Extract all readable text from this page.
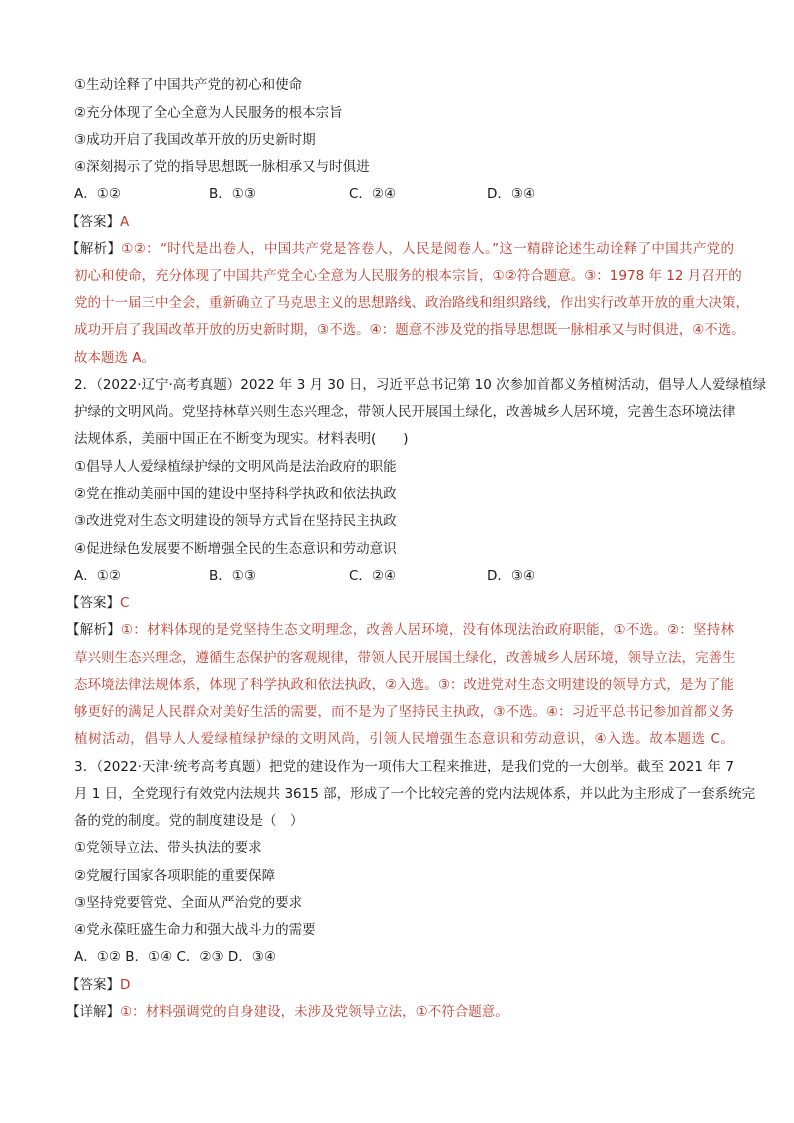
①生动诠释了中国共产党的初心和使命
②充分体现了全心全意为人民服务的根本宗旨
③成功开启了我国改革开放的历史新时期
④深刻揭示了党的指导思想既一脉相承又与时俱进
A．①②	B．①③	C．②④	D．③④
【答案】A
【解析】①②：“时代是出卷人，中国共产党是答卷人，人民是阅卷人。”这一精辟论述生动诠释了中国共产党的
初心和使命，充分体现了中国共产党全心全意为人民服务的根本宗旨，①②符合题意。③：1978 年 12 月召开的
党的十一届三中全会，重新确立了马克思主义的思想路线、政治路线和组织路线，作出实行改革开放的重大决策，
成功开启了我国改革开放的历史新时期，③不选。④：题意不涉及党的指导思想既一脉相承又与时俱进，④不选。
故本题选 A。
2．（2022·辽宁·高考真题）2022 年 3 月 30 日，习近平总书记第 10 次参加首都义务植树活动，倡导人人爱绿植绿
护绿的文明风尚。党坚持林草兴则生态兴理念，带领人民开展国土绿化，改善城乡人居环境，完善生态环境法律
法规体系，美丽中国正在不断变为现实。材料表明(　　)
①倡导人人爱绿植绿护绿的文明风尚是法治政府的职能
②党在推动美丽中国的建设中坚持科学执政和依法执政
③改进党对生态文明建设的领导方式旨在坚持民主执政
④促进绿色发展要不断增强全民的生态意识和劳动意识
A．①②	B．①③	C．②④	D．③④
【答案】C
【解析】①：材料体现的是党坚持生态文明理念，改善人居环境，没有体现法治政府职能，①不选。②：坚持林
草兴则生态兴理念，遵循生态保护的客观规律，带领人民开展国土绿化，改善城乡人居环境，领导立法，完善生
态环境法律法规体系，体现了科学执政和依法执政，②入选。③：改进党对生态文明建设的领导方式，是为了能
够更好的满足人民群众对美好生活的需要，而不是为了坚持民主执政，③不选。④：习近平总书记参加首都义务
植树活动，倡导人人爱绿植绿护绿的文明风尚，引领人民增强生态意识和劳动意识，④入选。故本题选 C。
3．（2022·天津·统考高考真题）把党的建设作为一项伟大工程来推进，是我们党的一大创举。截至 2021 年 7
月 1 日，全党现行有效党内法规共 3615 部，形成了一个比较完善的党内法规体系，并以此为主形成了一套系统完
备的党的制度。党的制度建设是（　）
①党领导立法、带头执法的要求
②党履行国家各项职能的重要保障
③坚持党要管党、全面从严治党的要求
④党永葆旺盛生命力和强大战斗力的需要
A．①② B．①④ C．②③ D．③④
【答案】D
【详解】①：材料强调党的自身建设，未涉及党领导立法，①不符合题意。
